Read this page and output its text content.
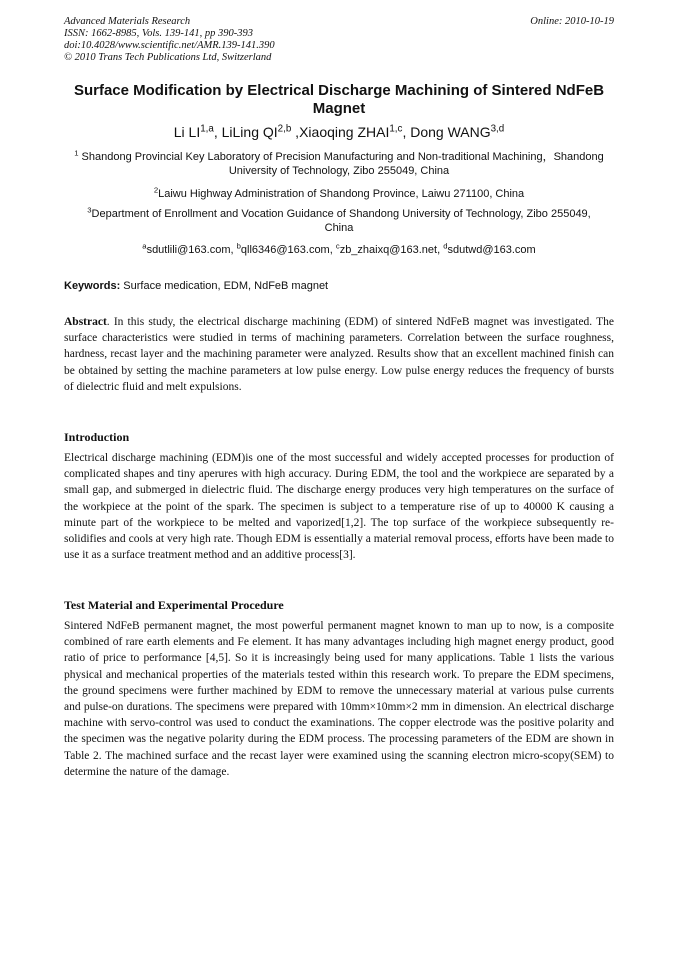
Advanced Materials Research
ISSN: 1662-8985, Vols. 139-141, pp 390-393
doi:10.4028/www.scientific.net/AMR.139-141.390
© 2010 Trans Tech Publications Ltd, Switzerland
Online: 2010-10-19
Surface Modification by Electrical Discharge Machining of Sintered NdFeB Magnet
Li LI$^{1,a}$, LiLing QI$^{2,b}$ ,Xiaoqing ZHAI$^{1,c}$, Dong WANG$^{3,d}$
$^1$ Shandong Provincial Key Laboratory of Precision Manufacturing and Non-traditional Machining，Shandong University of Technology, Zibo 255049, China
$^2$Laiwu Highway Administration of Shandong Province, Laiwu 271100, China
$^3$Department of Enrollment and Vocation Guidance of Shandong University of Technology, Zibo 255049, China
$^a$sdutlili@163.com, $^b$qll6346@163.com, $^c$zb_zhaixq@163.net, $^d$sdutwd@163.com
Keywords: Surface medication, EDM, NdFeB magnet
Abstract. In this study, the electrical discharge machining (EDM) of sintered NdFeB magnet was investigated. The surface characteristics were studied in terms of machining parameters. Correlation between the surface roughness, hardness, recast layer and the machining parameter were analyzed. Results show that an excellent machined finish can be obtained by setting the machine parameters at low pulse energy. Low pulse energy reduces the frequency of bursts of dielectric fluid and melt expulsions.
Introduction
Electrical discharge machining (EDM)is one of the most successful and widely accepted processes for production of complicated shapes and tiny aperures with high accuracy. During EDM, the tool and the workpiece are separated by a small gap, and submerged in dielectric fluid. The discharge energy produces very high temperatures on the surface of the workpiece at the point of the spark. The specimen is subject to a temperature rise of up to 40000 K causing a minute part of the workpiece to be melted and vaporized[1,2]. The top surface of the workpiece subsequently re-solidifies and cools at very high rate. Though EDM is essentially a material removal process, efforts have been made to use it as a surface treatment method and an additive process[3].
Test Material and Experimental Procedure
Sintered NdFeB permanent magnet, the most powerful permanent magnet known to man up to now, is a composite combined of rare earth elements and Fe element. It has many advantages including high magnet energy product, good ratio of price to performance [4,5]. So it is increasingly being used for many applications. Table 1 lists the various physical and mechanical properties of the materials tested within this research work. To prepare the EDM specimens, the ground specimens were further machined by EDM to remove the unnecessary material at various pulse currents and pulse-on durations. The specimens were prepared with 10mm×10mm×2 mm in dimension. An electrical discharge machine with servo-control was used to conduct the examinations. The copper electrode was the positive polarity and the specimen was the negative polarity during the EDM process. The processing parameters of the EDM are shown in Table 2. The machined surface and the recast layer were examined using the scanning electron micro-scopy(SEM) to determine the nature of the damage.
